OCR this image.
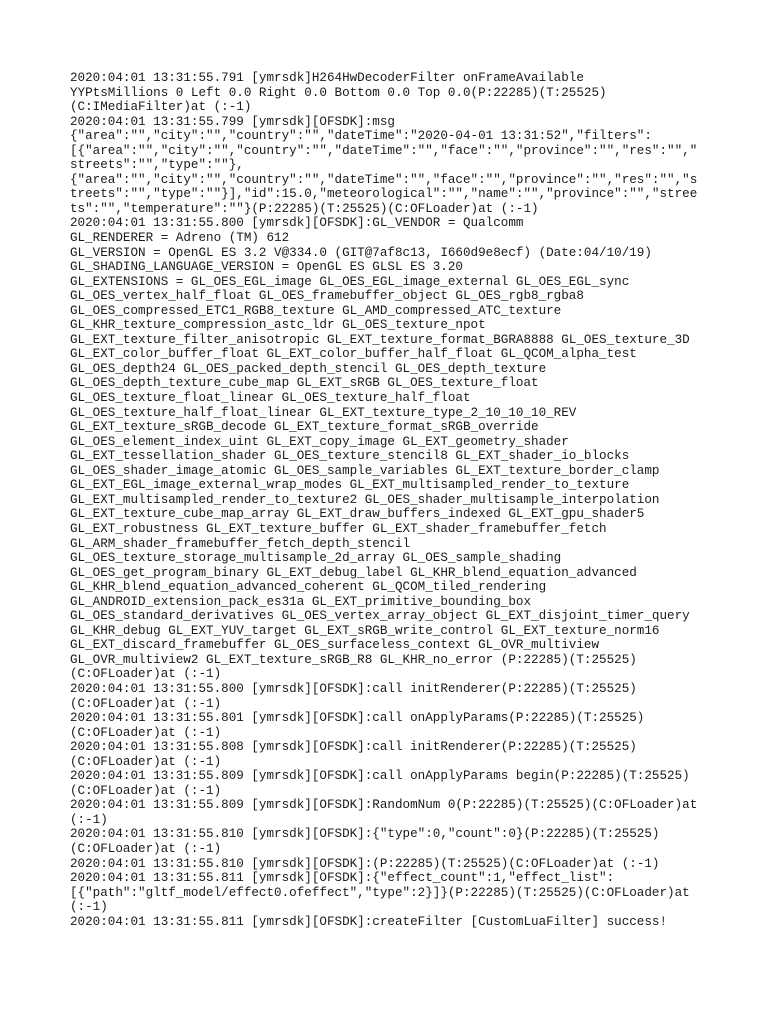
2020:04:01 13:31:55.791 [ymrsdk]H264HwDecoderFilter onFrameAvailable
YYPtsMillions 0 Left 0.0 Right 0.0 Bottom 0.0 Top 0.0(P:22285)(T:25525)
(C:IMediaFilter)at (:-1)
2020:04:01 13:31:55.799 [ymrsdk][OFSDK]:msg
{"area":"","city":"","country":"","dateTime":"2020-04-01 13:31:52","filters":
[{"area":"","city":"","country":"","dateTime":"","face":"","province":"","res":"","
streets":"","type":""},
{"area":"","city":"","country":"","dateTime":"","face":"","province":"","res":"","s
treets":"","type":""}],"id":15.0,"meteorological":"","name":"","province":"","stree
ts":"","temperature":""}(P:22285)(T:25525)(C:OFLoader)at (:-1)
2020:04:01 13:31:55.800 [ymrsdk][OFSDK]:GL_VENDOR = Qualcomm
GL_RENDERER = Adreno (TM) 612
GL_VERSION = OpenGL ES 3.2 V@334.0 (GIT@7af8c13, I660d9e8ecf) (Date:04/10/19)
GL_SHADING_LANGUAGE_VERSION = OpenGL ES GLSL ES 3.20
GL_EXTENSIONS = GL_OES_EGL_image GL_OES_EGL_image_external GL_OES_EGL_sync
GL_OES_vertex_half_float GL_OES_framebuffer_object GL_OES_rgb8_rgba8
GL_OES_compressed_ETC1_RGB8_texture GL_AMD_compressed_ATC_texture
GL_KHR_texture_compression_astc_ldr GL_OES_texture_npot
GL_EXT_texture_filter_anisotropic GL_EXT_texture_format_BGRA8888 GL_OES_texture_3D
GL_EXT_color_buffer_float GL_EXT_color_buffer_half_float GL_QCOM_alpha_test
GL_OES_depth24 GL_OES_packed_depth_stencil GL_OES_depth_texture
GL_OES_depth_texture_cube_map GL_EXT_sRGB GL_OES_texture_float
GL_OES_texture_float_linear GL_OES_texture_half_float
GL_OES_texture_half_float_linear GL_EXT_texture_type_2_10_10_10_REV
GL_EXT_texture_sRGB_decode GL_EXT_texture_format_sRGB_override
GL_OES_element_index_uint GL_EXT_copy_image GL_EXT_geometry_shader
GL_EXT_tessellation_shader GL_OES_texture_stencil8 GL_EXT_shader_io_blocks
GL_OES_shader_image_atomic GL_OES_sample_variables GL_EXT_texture_border_clamp
GL_EXT_EGL_image_external_wrap_modes GL_EXT_multisampled_render_to_texture
GL_EXT_multisampled_render_to_texture2 GL_OES_shader_multisample_interpolation
GL_EXT_texture_cube_map_array GL_EXT_draw_buffers_indexed GL_EXT_gpu_shader5
GL_EXT_robustness GL_EXT_texture_buffer GL_EXT_shader_framebuffer_fetch
GL_ARM_shader_framebuffer_fetch_depth_stencil
GL_OES_texture_storage_multisample_2d_array GL_OES_sample_shading
GL_OES_get_program_binary GL_EXT_debug_label GL_KHR_blend_equation_advanced
GL_KHR_blend_equation_advanced_coherent GL_QCOM_tiled_rendering
GL_ANDROID_extension_pack_es31a GL_EXT_primitive_bounding_box
GL_OES_standard_derivatives GL_OES_vertex_array_object GL_EXT_disjoint_timer_query
GL_KHR_debug GL_EXT_YUV_target GL_EXT_sRGB_write_control GL_EXT_texture_norm16
GL_EXT_discard_framebuffer GL_OES_surfaceless_context GL_OVR_multiview
GL_OVR_multiview2 GL_EXT_texture_sRGB_R8 GL_KHR_no_error (P:22285)(T:25525)
(C:OFLoader)at (:-1)
2020:04:01 13:31:55.800 [ymrsdk][OFSDK]:call initRenderer(P:22285)(T:25525)
(C:OFLoader)at (:-1)
2020:04:01 13:31:55.801 [ymrsdk][OFSDK]:call onApplyParams(P:22285)(T:25525)
(C:OFLoader)at (:-1)
2020:04:01 13:31:55.808 [ymrsdk][OFSDK]:call initRenderer(P:22285)(T:25525)
(C:OFLoader)at (:-1)
2020:04:01 13:31:55.809 [ymrsdk][OFSDK]:call onApplyParams begin(P:22285)(T:25525)
(C:OFLoader)at (:-1)
2020:04:01 13:31:55.809 [ymrsdk][OFSDK]:RandomNum 0(P:22285)(T:25525)(C:OFLoader)at
(:-1)
2020:04:01 13:31:55.810 [ymrsdk][OFSDK]:{"type":0,"count":0}(P:22285)(T:25525)
(C:OFLoader)at (:-1)
2020:04:01 13:31:55.810 [ymrsdk][OFSDK]:(P:22285)(T:25525)(C:OFLoader)at (:-1)
2020:04:01 13:31:55.811 [ymrsdk][OFSDK]:{"effect_count":1,"effect_list":
[{"path":"gltf_model/effect0.ofeffect","type":2}]}(P:22285)(T:25525)(C:OFLoader)at
(:-1)
2020:04:01 13:31:55.811 [ymrsdk][OFSDK]:createFilter [CustomLuaFilter] success!
